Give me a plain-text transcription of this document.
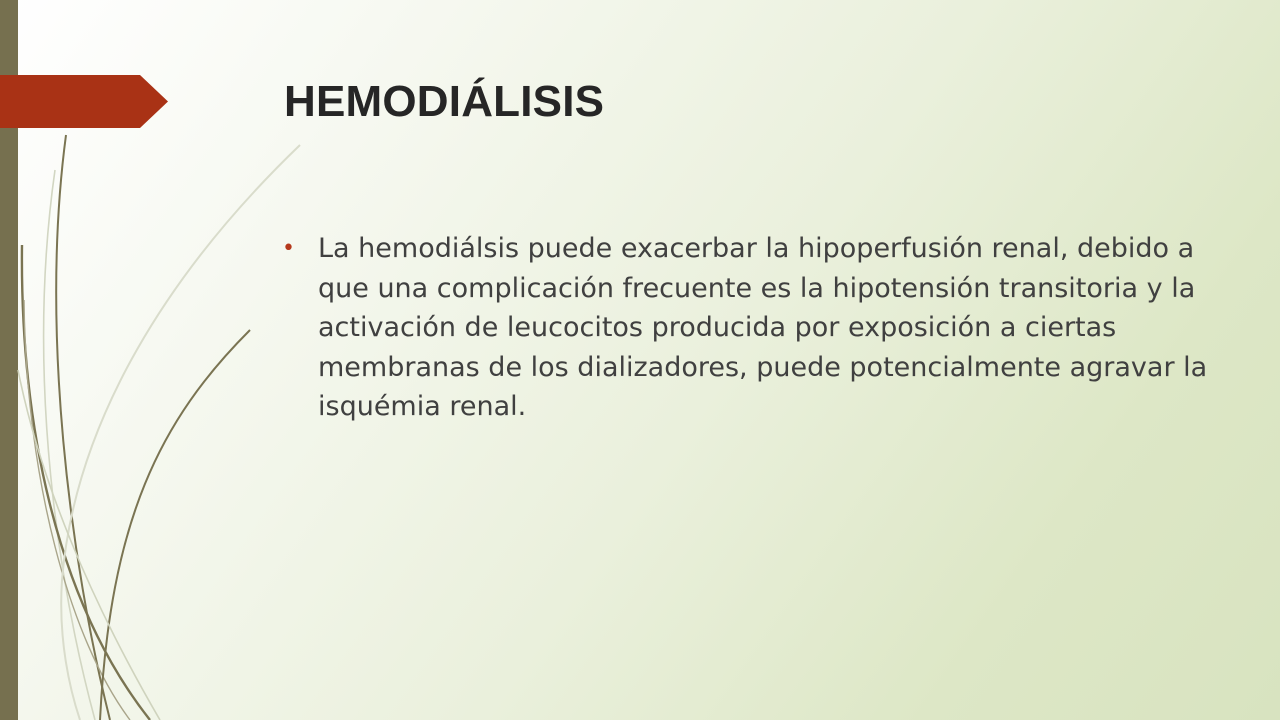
HEMODIÁLISIS
• La hemodiálsis puede exacerbar la hipoperfusión renal, debido a que una complicación frecuente es la hipotensión transitoria y la activación de leucocitos producida por exposición a ciertas membranas de los dializadores, puede potencialmente agravar la isquémia renal.
